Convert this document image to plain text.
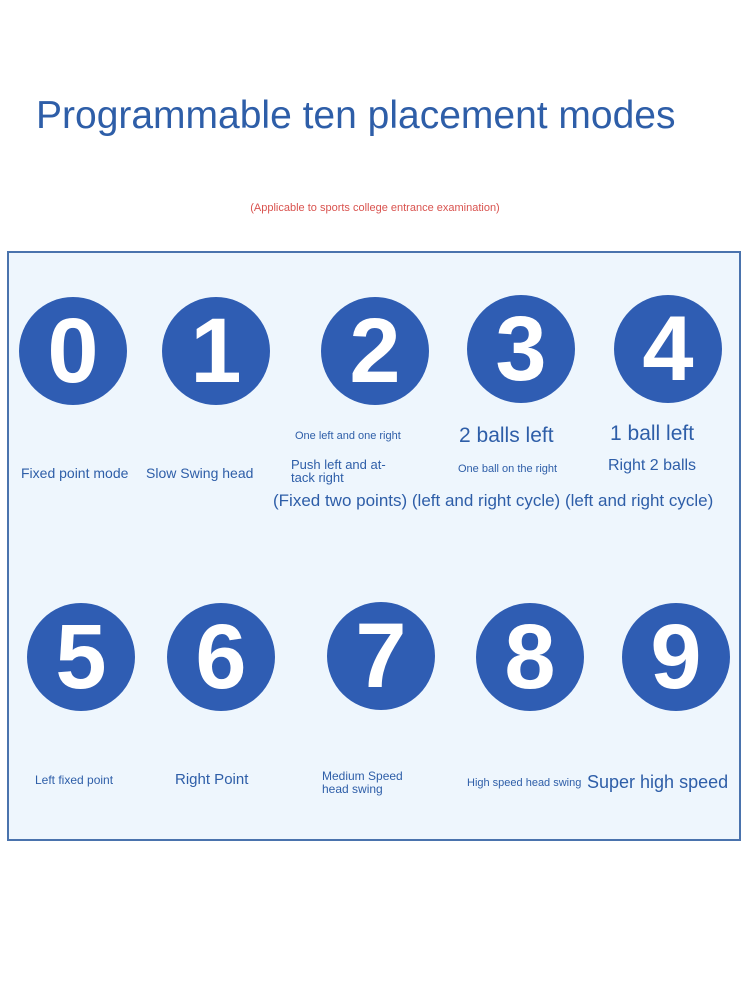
Programmable ten placement modes
(Applicable to sports college entrance examination)
0 1	2	3	4
Fixed point mode Slow Swing head
One left and one right
Push left and at-
tack right
2 balls left
One ball on the right
1 ball left
Right 2 balls
(Fixed two points) (left and right cycle) (left and right cycle)
5 6	7	8	9
Left fixed point	Right Point	Medium Speed
head swing	High speed head swing Super high speed
